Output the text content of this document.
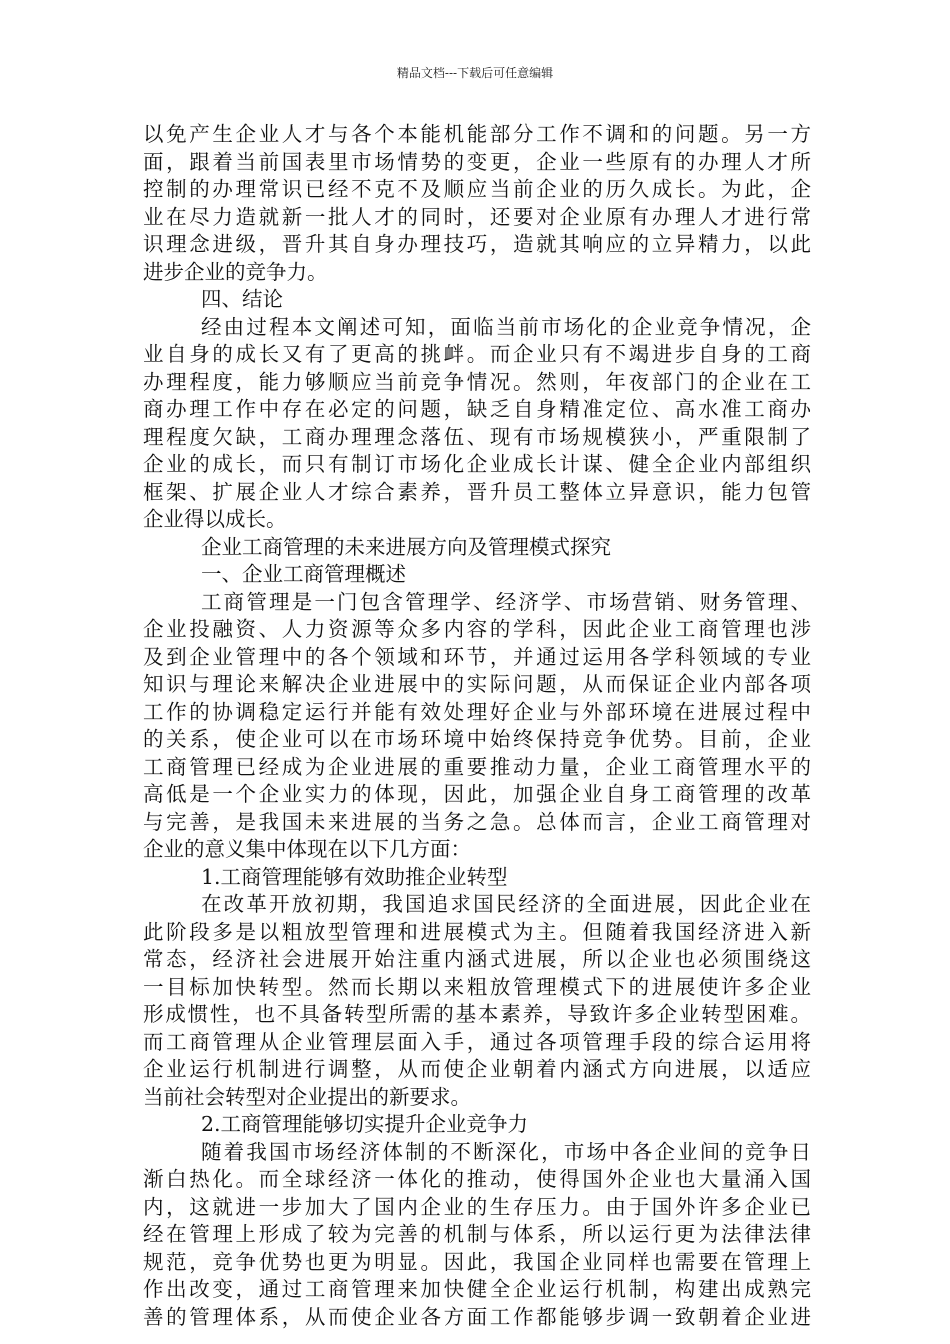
精品文档---下载后可任意编辑
以免产生企业人才与各个本能机能部分工作不调和的问题。另一方
面，跟着当前国表里市场情势的变更，企业一些原有的办理人才所
控制的办理常识已经不克不及顺应当前企业的历久成长。为此，企
业在尽力造就新一批人才的同时，还要对企业原有办理人才进行常
识理念进级，晋升其自身办理技巧，造就其响应的立异精力，以此
进步企业的竞争力。
四、结论
经由过程本文阐述可知，面临当前市场化的企业竞争情况，企
业自身的成长又有了更高的挑衅。而企业只有不竭进步自身的工商
办理程度，能力够顺应当前竞争情况。然则，年夜部门的企业在工
商办理工作中存在必定的问题，缺乏自身精准定位、高水准工商办
理程度欠缺，工商办理理念落伍、现有市场规模狭小，严重限制了
企业的成长，而只有制订市场化企业成长计谋、健全企业内部组织
框架、扩展企业人才综合素养，晋升员工整体立异意识，能力包管
企业得以成长。
企业工商管理的未来进展方向及管理模式探究
一、企业工商管理概述
工商管理是一门包含管理学、经济学、市场营销、财务管理、
企业投融资、人力资源等众多内容的学科，因此企业工商管理也涉
及到企业管理中的各个领域和环节，并通过运用各学科领域的专业
知识与理论来解决企业进展中的实际问题，从而保证企业内部各项
工作的协调稳定运行并能有效处理好企业与外部环境在进展过程中
的关系，使企业可以在市场环境中始终保持竞争优势。目前，企业
工商管理已经成为企业进展的重要推动力量，企业工商管理水平的
高低是一个企业实力的体现，因此，加强企业自身工商管理的改革
与完善，是我国未来进展的当务之急。总体而言，企业工商管理对
企业的意义集中体现在以下几方面：
1.工商管理能够有效助推企业转型
在改革开放初期，我国追求国民经济的全面进展，因此企业在
此阶段多是以粗放型管理和进展模式为主。但随着我国经济进入新
常态，经济社会进展开始注重内涵式进展，所以企业也必须围绕这
一目标加快转型。然而长期以来粗放管理模式下的进展使许多企业
形成惯性，也不具备转型所需的基本素养，导致许多企业转型困难。
而工商管理从企业管理层面入手，通过各项管理手段的综合运用将
企业运行机制进行调整，从而使企业朝着内涵式方向进展，以适应
当前社会转型对企业提出的新要求。
2.工商管理能够切实提升企业竞争力
随着我国市场经济体制的不断深化，市场中各企业间的竞争日
渐白热化。而全球经济一体化的推动，使得国外企业也大量涌入国
内，这就进一步加大了国内企业的生存压力。由于国外许多企业已
经在管理上形成了较为完善的机制与体系，所以运行更为法律法律
规范，竞争优势也更为明显。因此，我国企业同样也需要在管理上
作出改变，通过工商管理来加快健全企业运行机制，构建出成熟完
善的管理体系，从而使企业各方面工作都能够步调一致朝着企业进
